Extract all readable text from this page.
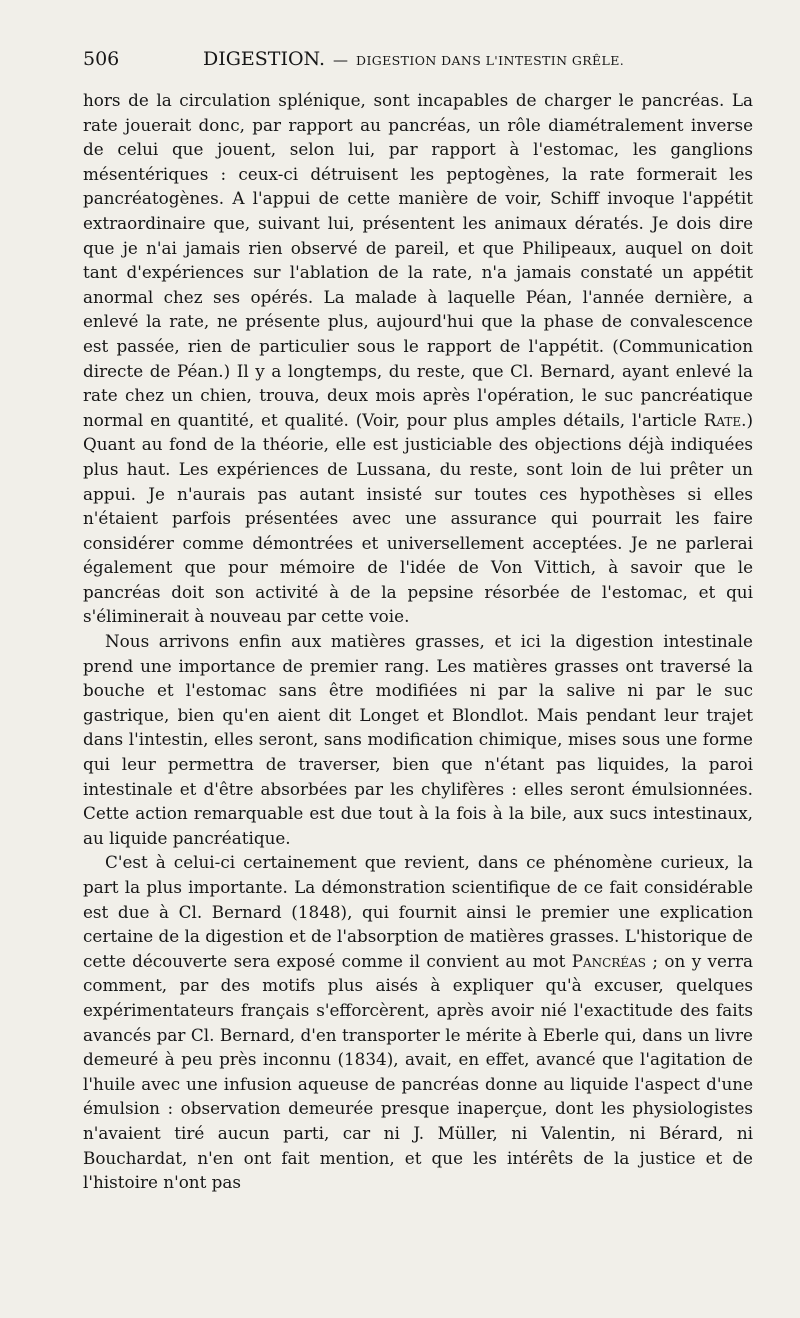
506	DIGESTION. — DIGESTION DANS L'INTESTIN GRÊLE.

hors de la circulation splénique, sont incapables de charger le pancréas. La rate jouerait donc, par rapport au pancréas, un rôle diamétralement inverse de celui que jouent, selon lui, par rapport à l'estomac, les ganglions mésentériques : ceux-ci détruisent les peptogènes, la rate formerait les pancréatogènes. A l'appui de cette manière de voir, Schiff invoque l'appétit extraordinaire que, suivant lui, présentent les animaux dératés. Je dois dire que je n'ai jamais rien observé de pareil, et que Philipeaux, auquel on doit tant d'expériences sur l'ablation de la rate, n'a jamais constaté un appétit anormal chez ses opérés. La malade à laquelle Péan, l'année dernière, a enlevé la rate, ne présente plus, aujourd'hui que la phase de convalescence est passée, rien de particulier sous le rapport de l'appétit. (Communication directe de Péan.) Il y a longtemps, du reste, que Cl. Bernard, ayant enlevé la rate chez un chien, trouva, deux mois après l'opération, le suc pancréatique normal en quantité, et qualité. (Voir, pour plus amples détails, l'article Rate.) Quant au fond de la théorie, elle est justiciable des objections déjà indiquées plus haut. Les expériences de Lussana, du reste, sont loin de lui prêter un appui. Je n'aurais pas autant insisté sur toutes ces hypothèses si elles n'étaient parfois présentées avec une assurance qui pourrait les faire considérer comme démontrées et universellement acceptées. Je ne parlerai également que pour mémoire de l'idée de Von Vittich, à savoir que le pancréas doit son activité à de la pepsine résorbée de l'estomac, et qui s'éliminerait à nouveau par cette voie.

Nous arrivons enfin aux matières grasses, et ici la digestion intestinale prend une importance de premier rang. Les matières grasses ont traversé la bouche et l'estomac sans être modifiées ni par la salive ni par le suc gastrique, bien qu'en aient dit Longet et Blondlot. Mais pendant leur trajet dans l'intestin, elles seront, sans modification chimique, mises sous une forme qui leur permettra de traverser, bien que n'étant pas liquides, la paroi intestinale et d'être absorbées par les chylifères : elles seront émulsionnées. Cette action remarquable est due tout à la fois à la bile, aux sucs intestinaux, au liquide pancréatique.

C'est à celui-ci certainement que revient, dans ce phénomène curieux, la part la plus importante. La démonstration scientifique de ce fait considérable est due à Cl. Bernard (1848), qui fournit ainsi le premier une explication certaine de la digestion et de l'absorption de matières grasses. L'historique de cette découverte sera exposé comme il convient au mot Pancréas ; on y verra comment, par des motifs plus aisés à expliquer qu'à excuser, quelques expérimentateurs français s'efforcèrent, après avoir nié l'exactitude des faits avancés par Cl. Bernard, d'en transporter le mérite à Eberle qui, dans un livre demeuré à peu près inconnu (1834), avait, en effet, avancé que l'agitation de l'huile avec une infusion aqueuse de pancréas donne au liquide l'aspect d'une émulsion : observation demeurée presque inaperçue, dont les physiologistes n'avaient tiré aucun parti, car ni J. Müller, ni Valentin, ni Bérard, ni Bouchardat, n'en ont fait mention, et que les intérêts de la justice et de l'histoire n'ont pas
